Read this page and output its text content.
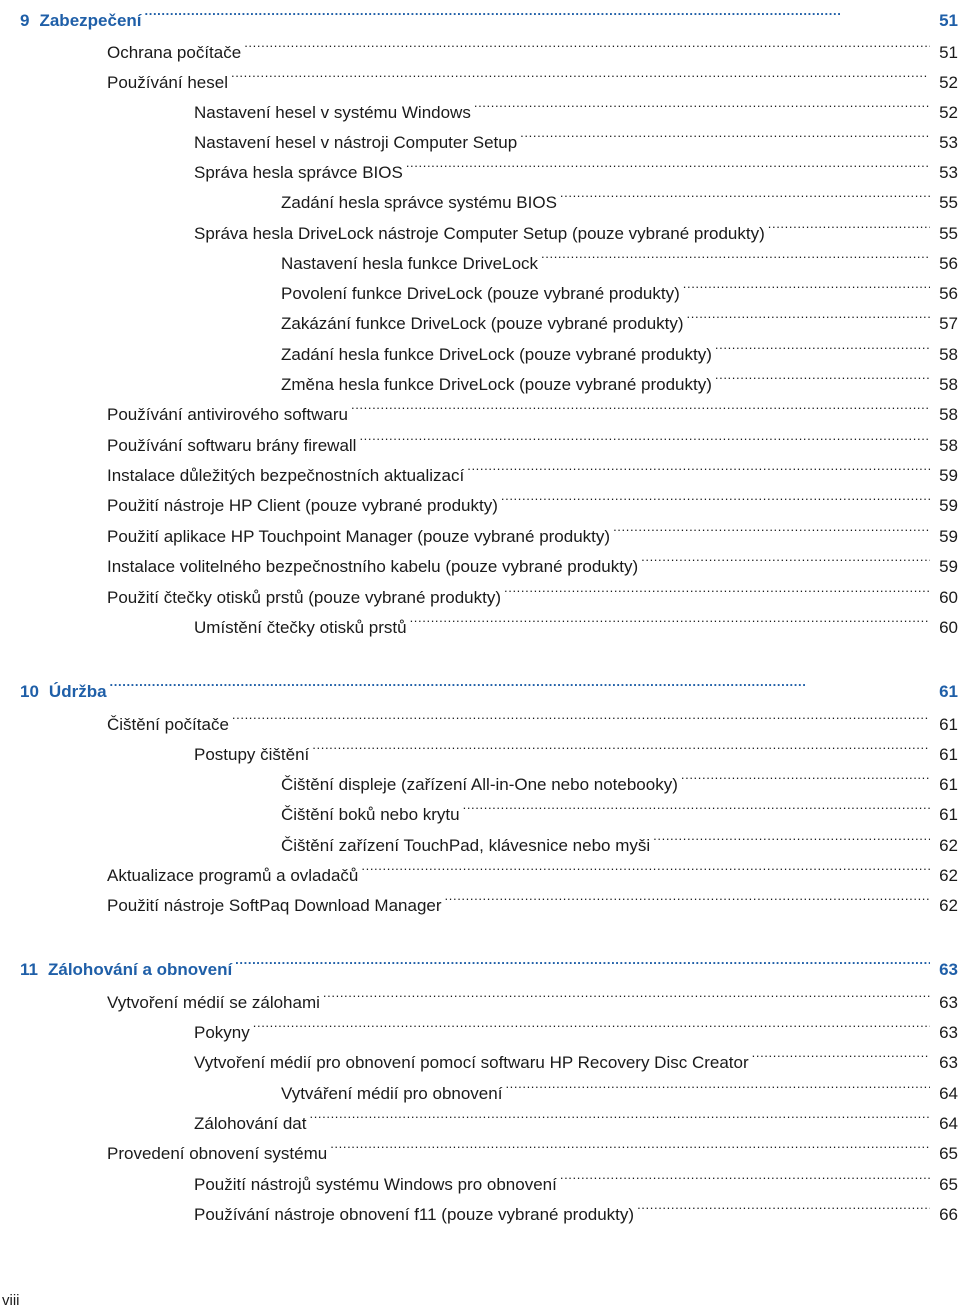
9 Zabezpečení . . .	51
Ochrana počítače . . .	51
Používání hesel . . .	52
Nastavení hesel v systému Windows . . .	52
Nastavení hesel v nástroji Computer Setup . . .	53
Správa hesla správce BIOS . . .	53
Zadání hesla správce systému BIOS . . .	55
Správa hesla DriveLock nástroje Computer Setup (pouze vybrané produkty) . . .	55
Nastavení hesla funkce DriveLock . . .	56
Povolení funkce DriveLock (pouze vybrané produkty) . . .	56
Zakázání funkce DriveLock (pouze vybrané produkty) . . .	57
Zadání hesla funkce DriveLock (pouze vybrané produkty) . . .	58
Změna hesla funkce DriveLock (pouze vybrané produkty) . . .	58
Používání antivirového softwaru . . .	58
Používání softwaru brány firewall . . .	58
Instalace důležitých bezpečnostních aktualizací . . .	59
Použití nástroje HP Client (pouze vybrané produkty) . . .	59
Použití aplikace HP Touchpoint Manager (pouze vybrané produkty) . . .	59
Instalace volitelného bezpečnostního kabelu (pouze vybrané produkty) . . .	59
Použití čtečky otisků prstů (pouze vybrané produkty) . . .	60
Umístění čtečky otisků prstů . . .	60
10 Údržba . . .	61
Čištění počítače . . .	61
Postupy čištění . . .	61
Čištění displeje (zařízení All-in-One nebo notebooky) . . .	61
Čištění boků nebo krytu . . .	61
Čištění zařízení TouchPad, klávesnice nebo myši . . .	62
Aktualizace programů a ovladačů . . .	62
Použití nástroje SoftPaq Download Manager . . .	62
11 Zálohování a obnovení . . .	63
Vytvoření médií se zálohami . . .	63
Pokyny . . .	63
Vytvoření médií pro obnovení pomocí softwaru HP Recovery Disc Creator . . .	63
Vytváření médií pro obnovení . . .	64
Zálohování dat . . .	64
Provedení obnovení systému . . .	65
Použití nástrojů systému Windows pro obnovení . . .	65
Používání nástroje obnovení f11 (pouze vybrané produkty) . . .	66
viii
